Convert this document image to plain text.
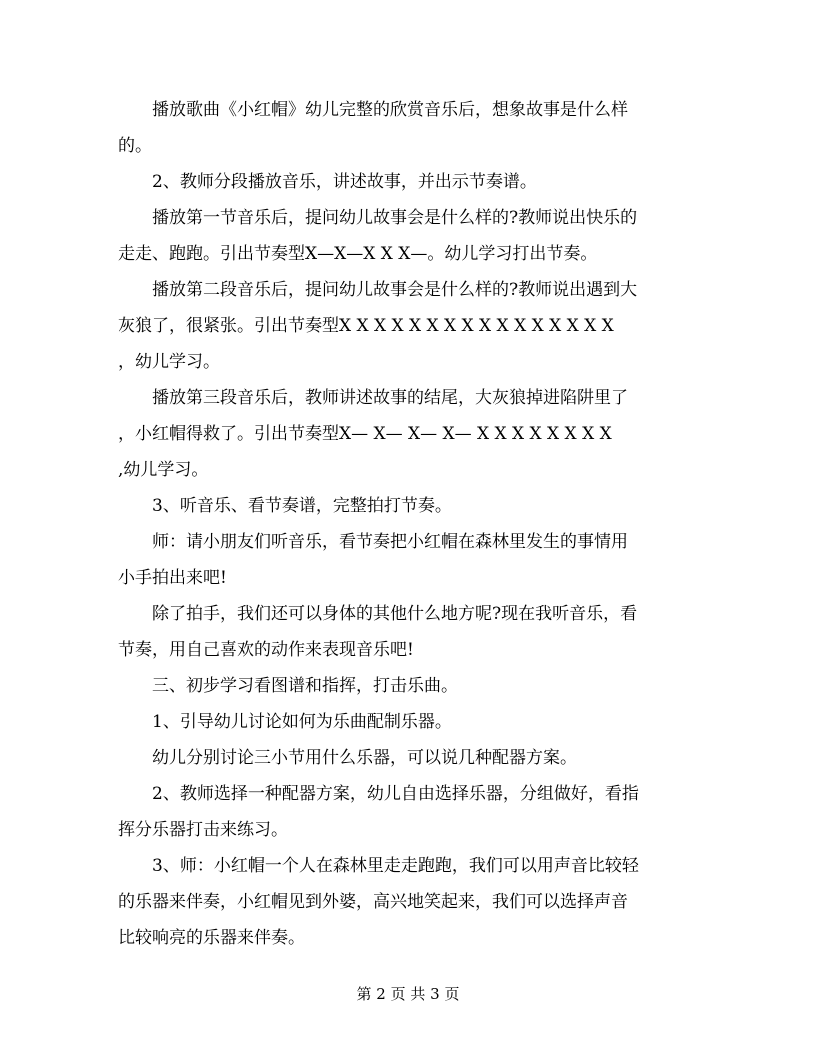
　　播放歌曲《小红帽》幼儿完整的欣赏音乐后，想象故事是什么样
的。

　　2、教师分段播放音乐，讲述故事，并出示节奏谱。

　　播放第一节音乐后，提问幼儿故事会是什么样的?教师说出快乐的
走走、跑跑。引出节奏型X—X—X X X—。幼儿学习打出节奏。

　　播放第二段音乐后，提问幼儿故事会是什么样的?教师说出遇到大
灰狼了，很紧张。引出节奏型X X X X X X X X X X X X X X X X
，幼儿学习。

　　播放第三段音乐后，教师讲述故事的结尾，大灰狼掉进陷阱里了
，小红帽得救了。引出节奏型X— X— X— X— X X X X X X X X
,幼儿学习。

　　3、听音乐、看节奏谱，完整拍打节奏。

　　师：请小朋友们听音乐，看节奏把小红帽在森林里发生的事情用
小手拍出来吧!

　　除了拍手，我们还可以身体的其他什么地方呢?现在我听音乐，看
节奏，用自己喜欢的动作来表现音乐吧!

　　三、初步学习看图谱和指挥，打击乐曲。

　　1、引导幼儿讨论如何为乐曲配制乐器。

　　幼儿分别讨论三小节用什么乐器，可以说几种配器方案。

　　2、教师选择一种配器方案，幼儿自由选择乐器，分组做好，看指
挥分乐器打击来练习。

　　3、师：小红帽一个人在森林里走走跑跑，我们可以用声音比较轻
的乐器来伴奏，小红帽见到外婆，高兴地笑起来，我们可以选择声音
比较响亮的乐器来伴奏。

第 2 页 共 3 页
